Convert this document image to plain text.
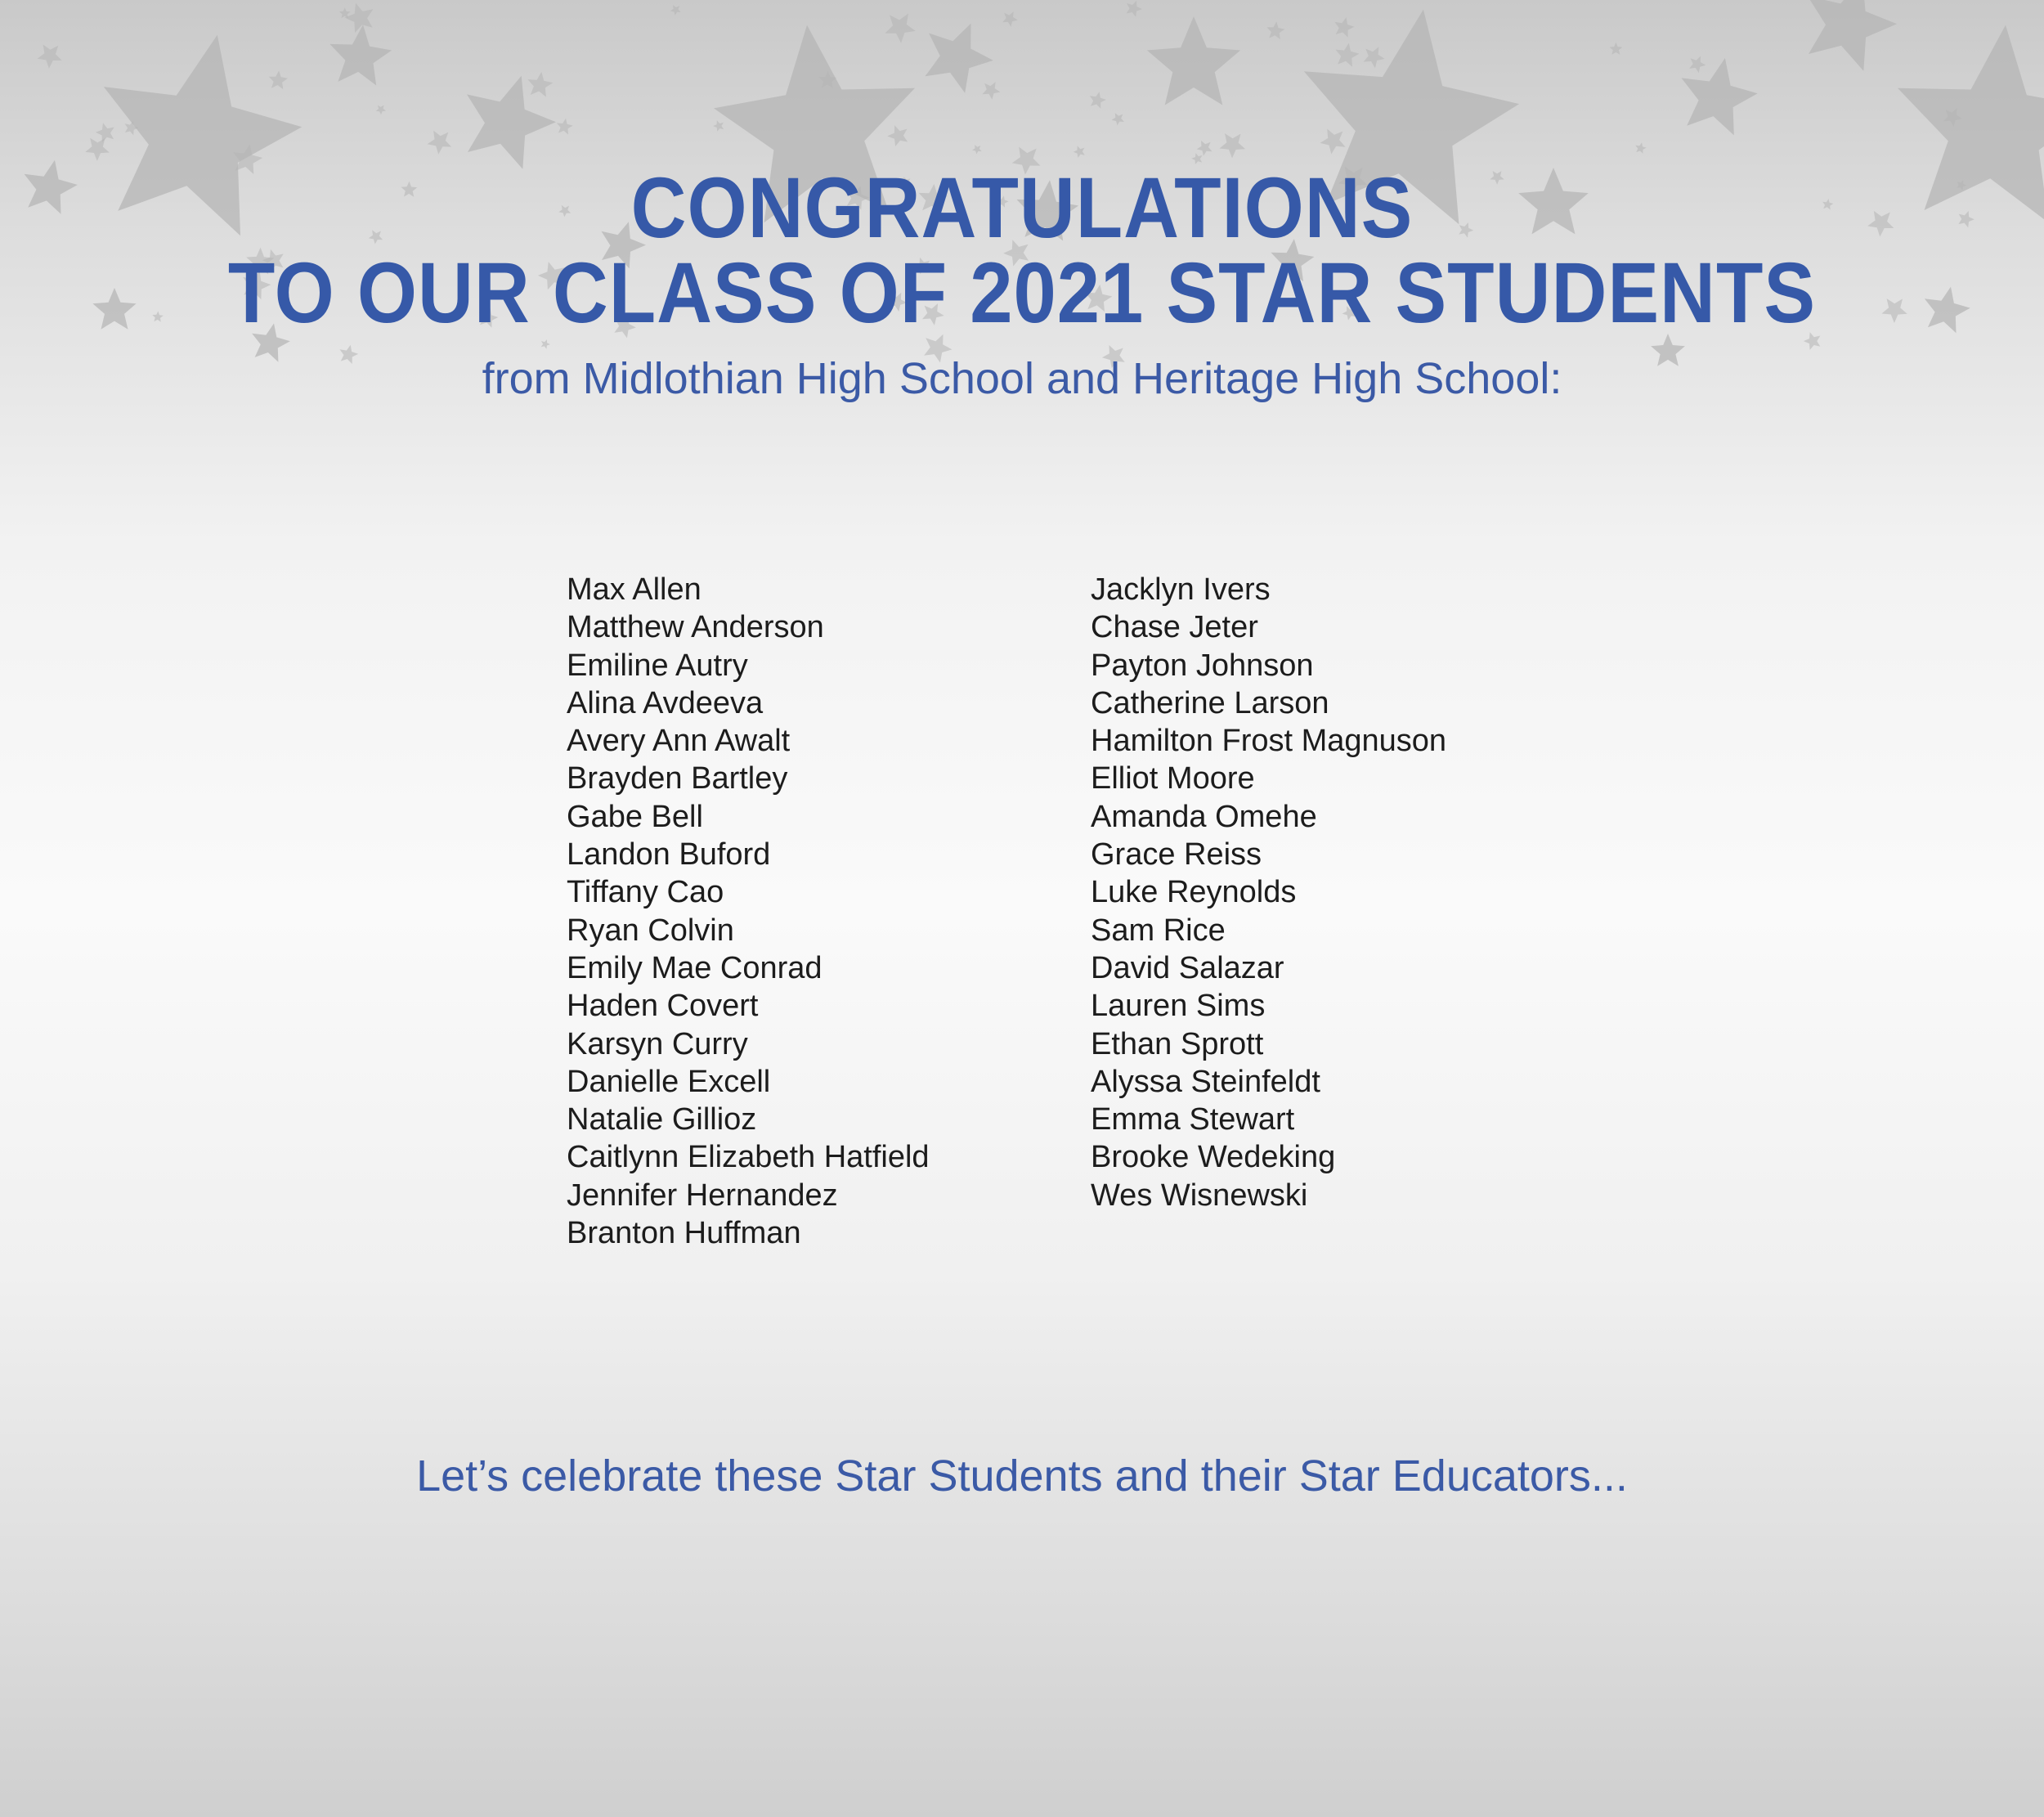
CONGRATULATIONS
TO OUR CLASS OF 2021 STAR STUDENTS
from Midlothian High School and Heritage High School:
Max Allen
Matthew Anderson
Emiline Autry
Alina Avdeeva
Avery Ann Awalt
Brayden Bartley
Gabe Bell
Landon Buford
Tiffany Cao
Ryan Colvin
Emily Mae Conrad
Haden Covert
Karsyn Curry
Danielle Excell
Natalie Gillioz
Caitlynn Elizabeth Hatfield
Jennifer Hernandez
Branton Huffman
Jacklyn Ivers
Chase Jeter
Payton Johnson
Catherine Larson
Hamilton Frost Magnuson
Elliot Moore
Amanda Omehe
Grace Reiss
Luke Reynolds
Sam Rice
David Salazar
Lauren Sims
Ethan Sprott
Alyssa Steinfeldt
Emma Stewart
Brooke Wedeking
Wes Wisnewski
Let’s celebrate these Star Students and their Star Educators...
